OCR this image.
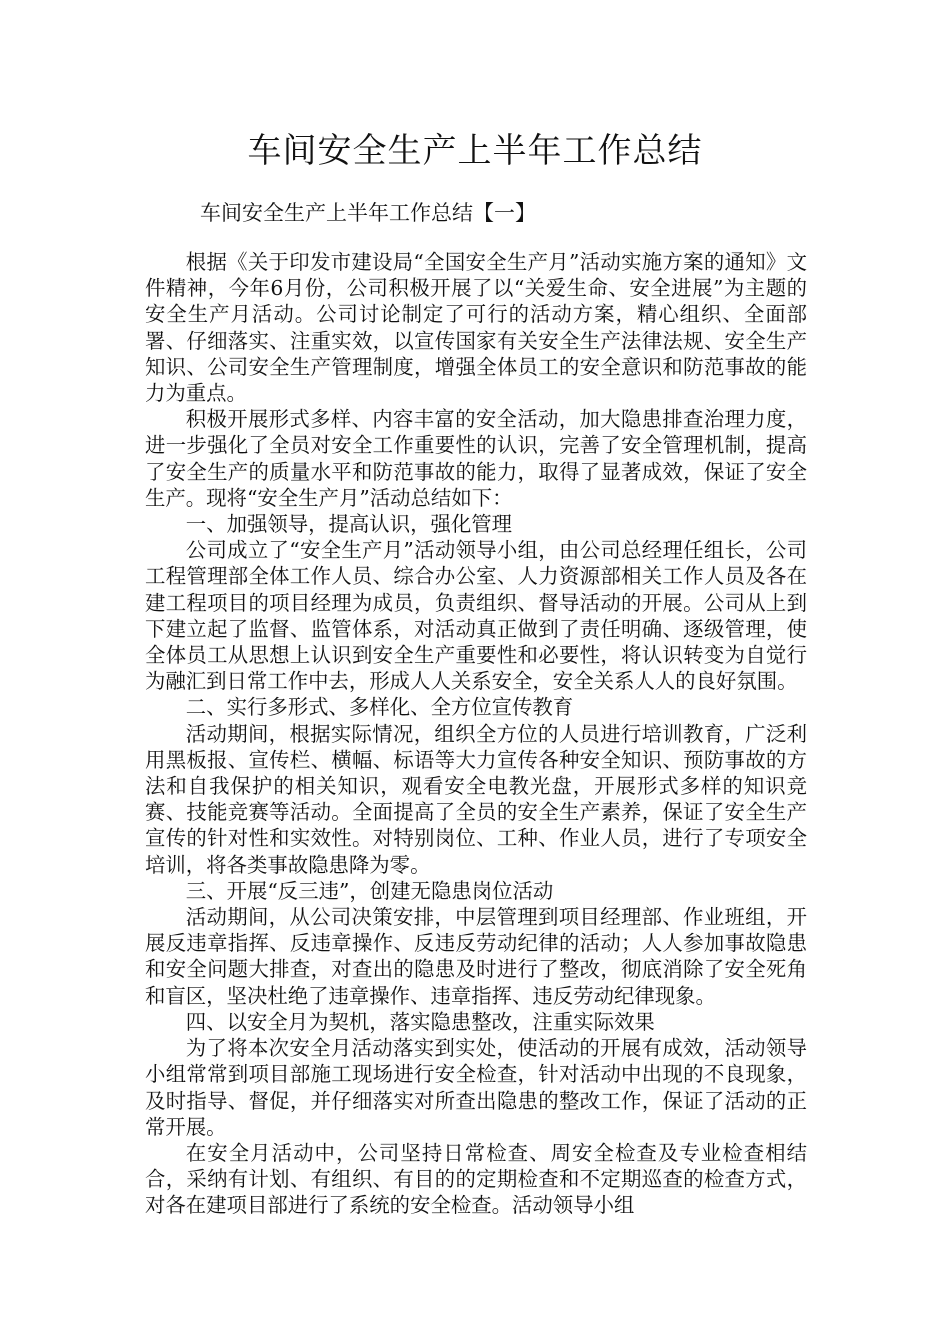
车间安全生产上半年工作总结

车间安全生产上半年工作总结【一】

根据《关于印发市建设局“全国安全生产月”活动实施方案的通知》文件精神，今年6月份，公司积极开展了以“关爱生命、安全进展”为主题的安全生产月活动。公司讨论制定了可行的活动方案，精心组织、全面部署、仔细落实、注重实效，以宣传国家有关安全生产法律法规、安全生产知识、公司安全生产管理制度，增强全体员工的安全意识和防范事故的能力为重点。

积极开展形式多样、内容丰富的安全活动，加大隐患排查治理力度，进一步强化了全员对安全工作重要性的认识，完善了安全管理机制，提高了安全生产的质量水平和防范事故的能力，取得了显著成效，保证了安全生产。现将“安全生产月”活动总结如下：

一、加强领导，提高认识，强化管理

公司成立了“安全生产月”活动领导小组，由公司总经理任组长，公司工程管理部全体工作人员、综合办公室、人力资源部相关工作人员及各在建工程项目的项目经理为成员，负责组织、督导活动的开展。公司从上到下建立起了监督、监管体系，对活动真正做到了责任明确、逐级管理，使全体员工从思想上认识到安全生产重要性和必要性，将认识转变为自觉行为融汇到日常工作中去，形成人人关系安全，安全关系人人的良好氛围。

二、实行多形式、多样化、全方位宣传教育

活动期间，根据实际情况，组织全方位的人员进行培训教育，广泛利用黑板报、宣传栏、横幅、标语等大力宣传各种安全知识、预防事故的方法和自我保护的相关知识，观看安全电教光盘，开展形式多样的知识竞赛、技能竞赛等活动。全面提高了全员的安全生产素养，保证了安全生产宣传的针对性和实效性。对特别岗位、工种、作业人员，进行了专项安全培训，将各类事故隐患降为零。

三、开展“反三违”，创建无隐患岗位活动

活动期间，从公司决策安排，中层管理到项目经理部、作业班组，开展反违章指挥、反违章操作、反违反劳动纪律的活动；人人参加事故隐患和安全问题大排查，对查出的隐患及时进行了整改，彻底消除了安全死角和盲区，坚决杜绝了违章操作、违章指挥、违反劳动纪律现象。

四、以安全月为契机，落实隐患整改，注重实际效果

为了将本次安全月活动落实到实处，使活动的开展有成效，活动领导小组常常到项目部施工现场进行安全检查，针对活动中出现的不良现象，及时指导、督促，并仔细落实对所查出隐患的整改工作，保证了活动的正常开展。

在安全月活动中，公司坚持日常检查、周安全检查及专业检查相结合，采纳有计划、有组织、有目的的定期检查和不定期巡查的检查方式，对各在建项目部进行了系统的安全检查。活动领导小组
